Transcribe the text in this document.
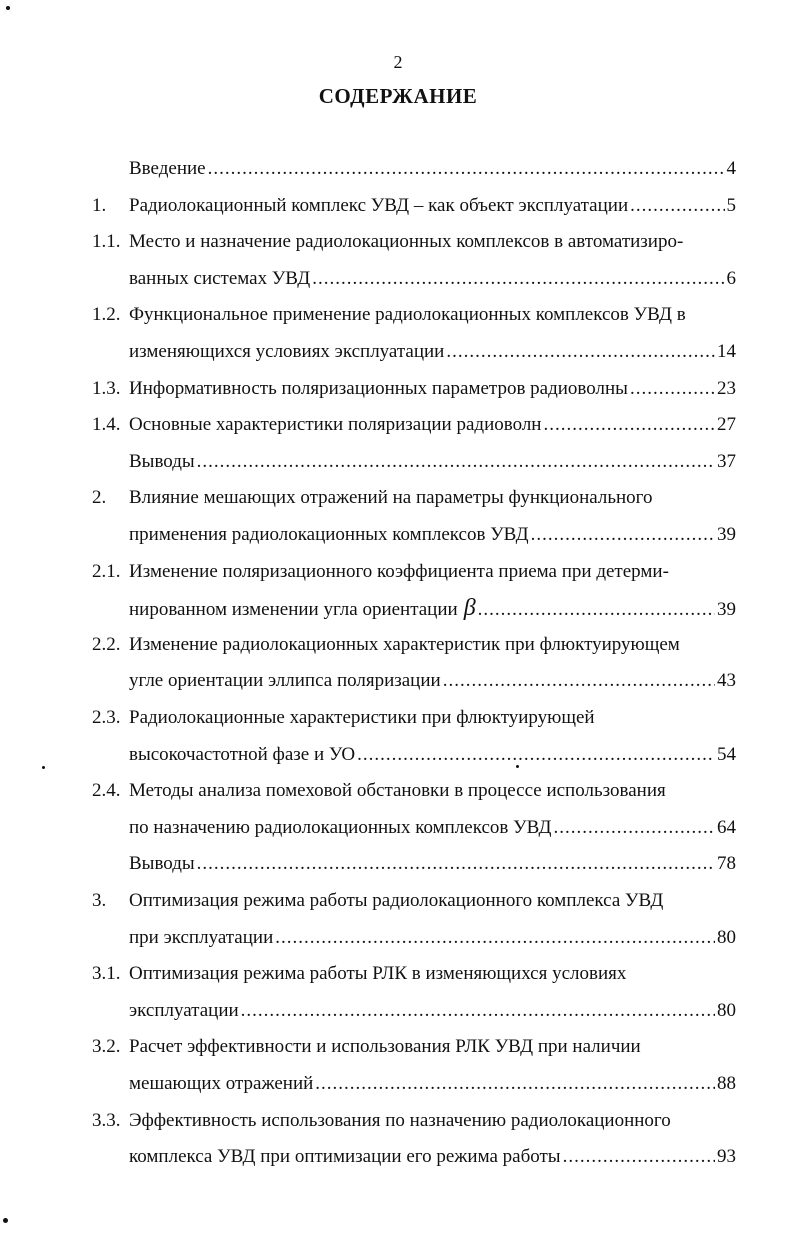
2
СОДЕРЖАНИЕ
Введение .....	4
1. Радиолокационный комплекс УВД – как объект эксплуатации .....	5
1.1. Место и назначение радиолокационных комплексов в автоматизиро-
ванных системах УВД .....	6
1.2. Функциональное применение радиолокационных комплексов УВД в
изменяющихся условиях эксплуатации .....	14
1.3. Информативность поляризационных параметров радиоволны .....	23
1.4. Основные характеристики поляризации радиоволн .....	27
Выводы .....	37
2. Влияние мешающих отражений на параметры функционального
применения радиолокационных комплексов УВД .....	39
2.1. Изменение поляризационного коэффициента приема при детерми-
нированном изменении угла ориентации β .....	39
2.2. Изменение радиолокационных характеристик при флюктуирующем
угле ориентации эллипса поляризации .....	43
2.3. Радиолокационные характеристики при флюктуирующей
высокочастотной фазе и УО .....	54
2.4. Методы анализа помеховой обстановки в процессе использования
по назначению радиолокационных комплексов УВД .....	64
Выводы .....	78
3. Оптимизация режима работы радиолокационного комплекса УВД
при эксплуатации .....	80
3.1. Оптимизация режима работы РЛК в изменяющихся условиях
эксплуатации .....	80
3.2. Расчет эффективности и использования РЛК УВД при наличии
мешающих отражений .....	88
3.3. Эффективность использования по назначению радиолокационного
комплекса УВД при оптимизации его режима работы .....	93
